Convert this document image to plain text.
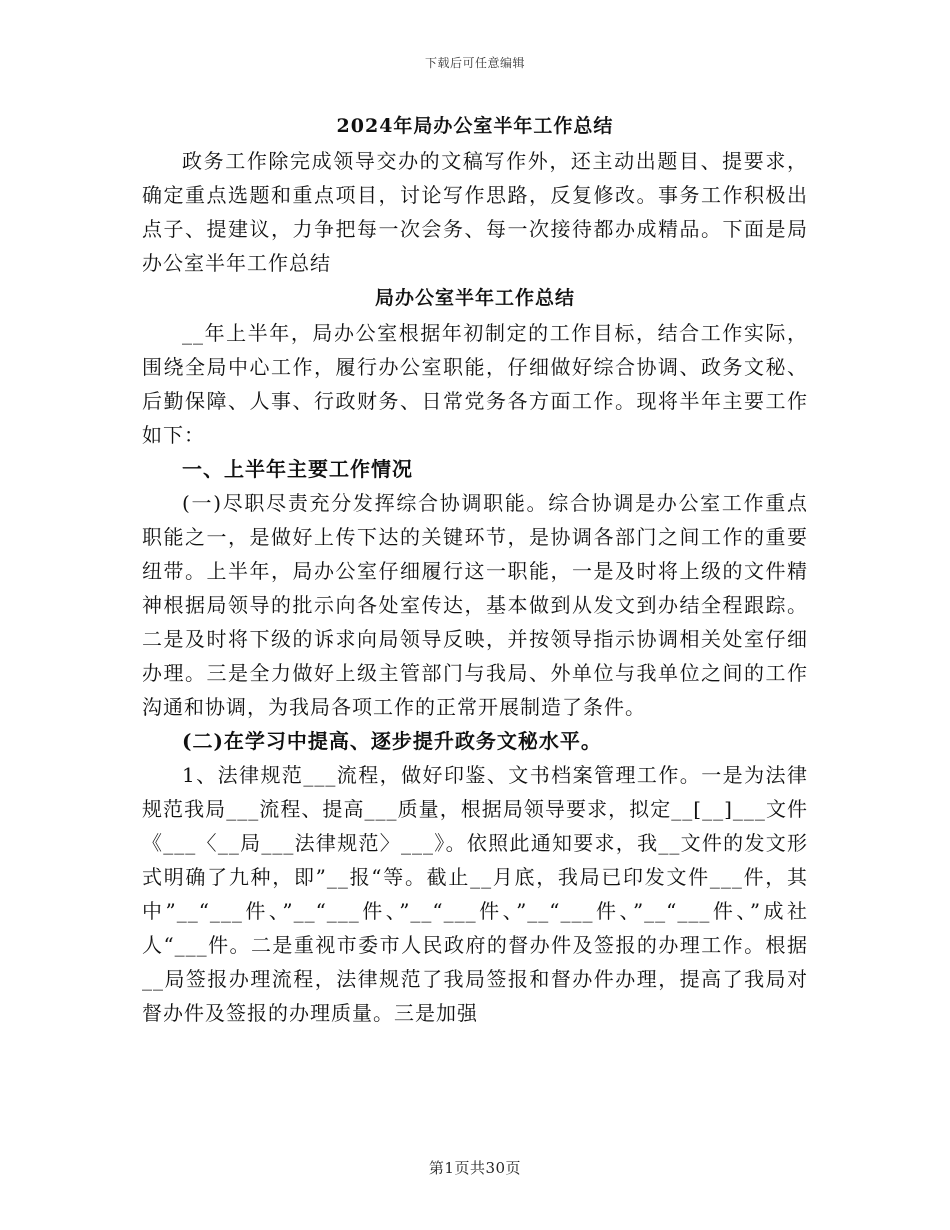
下载后可任意编辑
2024年局办公室半年工作总结

政务工作除完成领导交办的文稿写作外，还主动出题目、提要求，确定重点选题和重点项目，讨论写作思路，反复修改。事务工作积极出点子、提建议，力争把每一次会务、每一次接待都办成精品。下面是局办公室半年工作总结

局办公室半年工作总结

__年上半年，局办公室根据年初制定的工作目标，结合工作实际，围绕全局中心工作，履行办公室职能，仔细做好综合协调、政务文秘、后勤保障、人事、行政财务、日常党务各方面工作。现将半年主要工作如下：

一、上半年主要工作情况

(一)尽职尽责充分发挥综合协调职能。综合协调是办公室工作重点职能之一，是做好上传下达的关键环节，是协调各部门之间工作的重要纽带。上半年，局办公室仔细履行这一职能，一是及时将上级的文件精神根据局领导的批示向各处室传达，基本做到从发文到办结全程跟踪。二是及时将下级的诉求向局领导反映，并按领导指示协调相关处室仔细办理。三是全力做好上级主管部门与我局、外单位与我单位之间的工作沟通和协调，为我局各项工作的正常开展制造了条件。

(二)在学习中提高、逐步提升政务文秘水平。

1、法律规范___流程，做好印鉴、文书档案管理工作。一是为法律规范我局___流程、提高___质量，根据局领导要求，拟定__[__]___文件《___〈__局___法律规范〉___》。依照此通知要求，我__文件的发文形式明确了九种，即”__报“等。截止__月底，我局已印发文件___件，其中”__“___件、”__“___件、”__“___件、”__“___件、”__“___件、”成社人“___件。二是重视市委市人民政府的督办件及签报的办理工作。根据__局签报办理流程，法律规范了我局签报和督办件办理，提高了我局对督办件及签报的办理质量。三是加强

第1页共30页
